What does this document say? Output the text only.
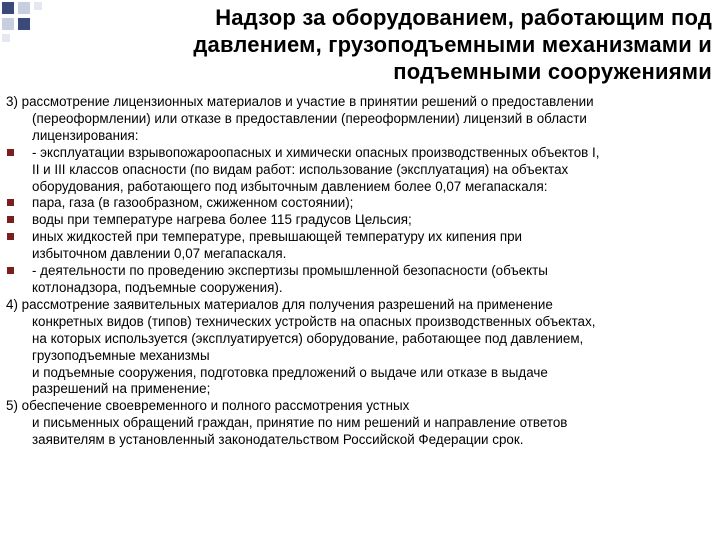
Надзор за оборудованием, работающим под
давлением, грузоподъемными механизмами и
подъемными сооружениями
3) рассмотрение лицензионных материалов и участие в принятии решений о предоставлении
(переоформлении) или отказе в предоставлении (переоформлении) лицензий в области
лицензирования:
- эксплуатации взрывопожароопасных и химически опасных производственных объектов I,
II и III классов опасности (по видам работ: использование (эксплуатация) на объектах
оборудования, работающего под избыточным давлением более 0,07 мегапаскаля:
пара, газа (в газообразном, сжиженном состоянии);
воды при температуре нагрева более 115 градусов Цельсия;
иных жидкостей при температуре, превышающей температуру их кипения при
избыточном давлении 0,07 мегапаскаля.
- деятельности по проведению экспертизы промышленной безопасности (объекты
котлонадзора, подъемные сооружения).
4) рассмотрение заявительных материалов для получения разрешений на применение
конкретных видов (типов) технических устройств на опасных производственных объектах,
на которых используется (эксплуатируется) оборудование, работающее под давлением,
грузоподъемные механизмы
и подъемные сооружения, подготовка предложений о выдаче или отказе в выдаче
разрешений на применение;
5) обеспечение своевременного и полного рассмотрения устных
и письменных обращений граждан, принятие по ним решений и направление ответов
заявителям в установленный законодательством Российской Федерации срок.
